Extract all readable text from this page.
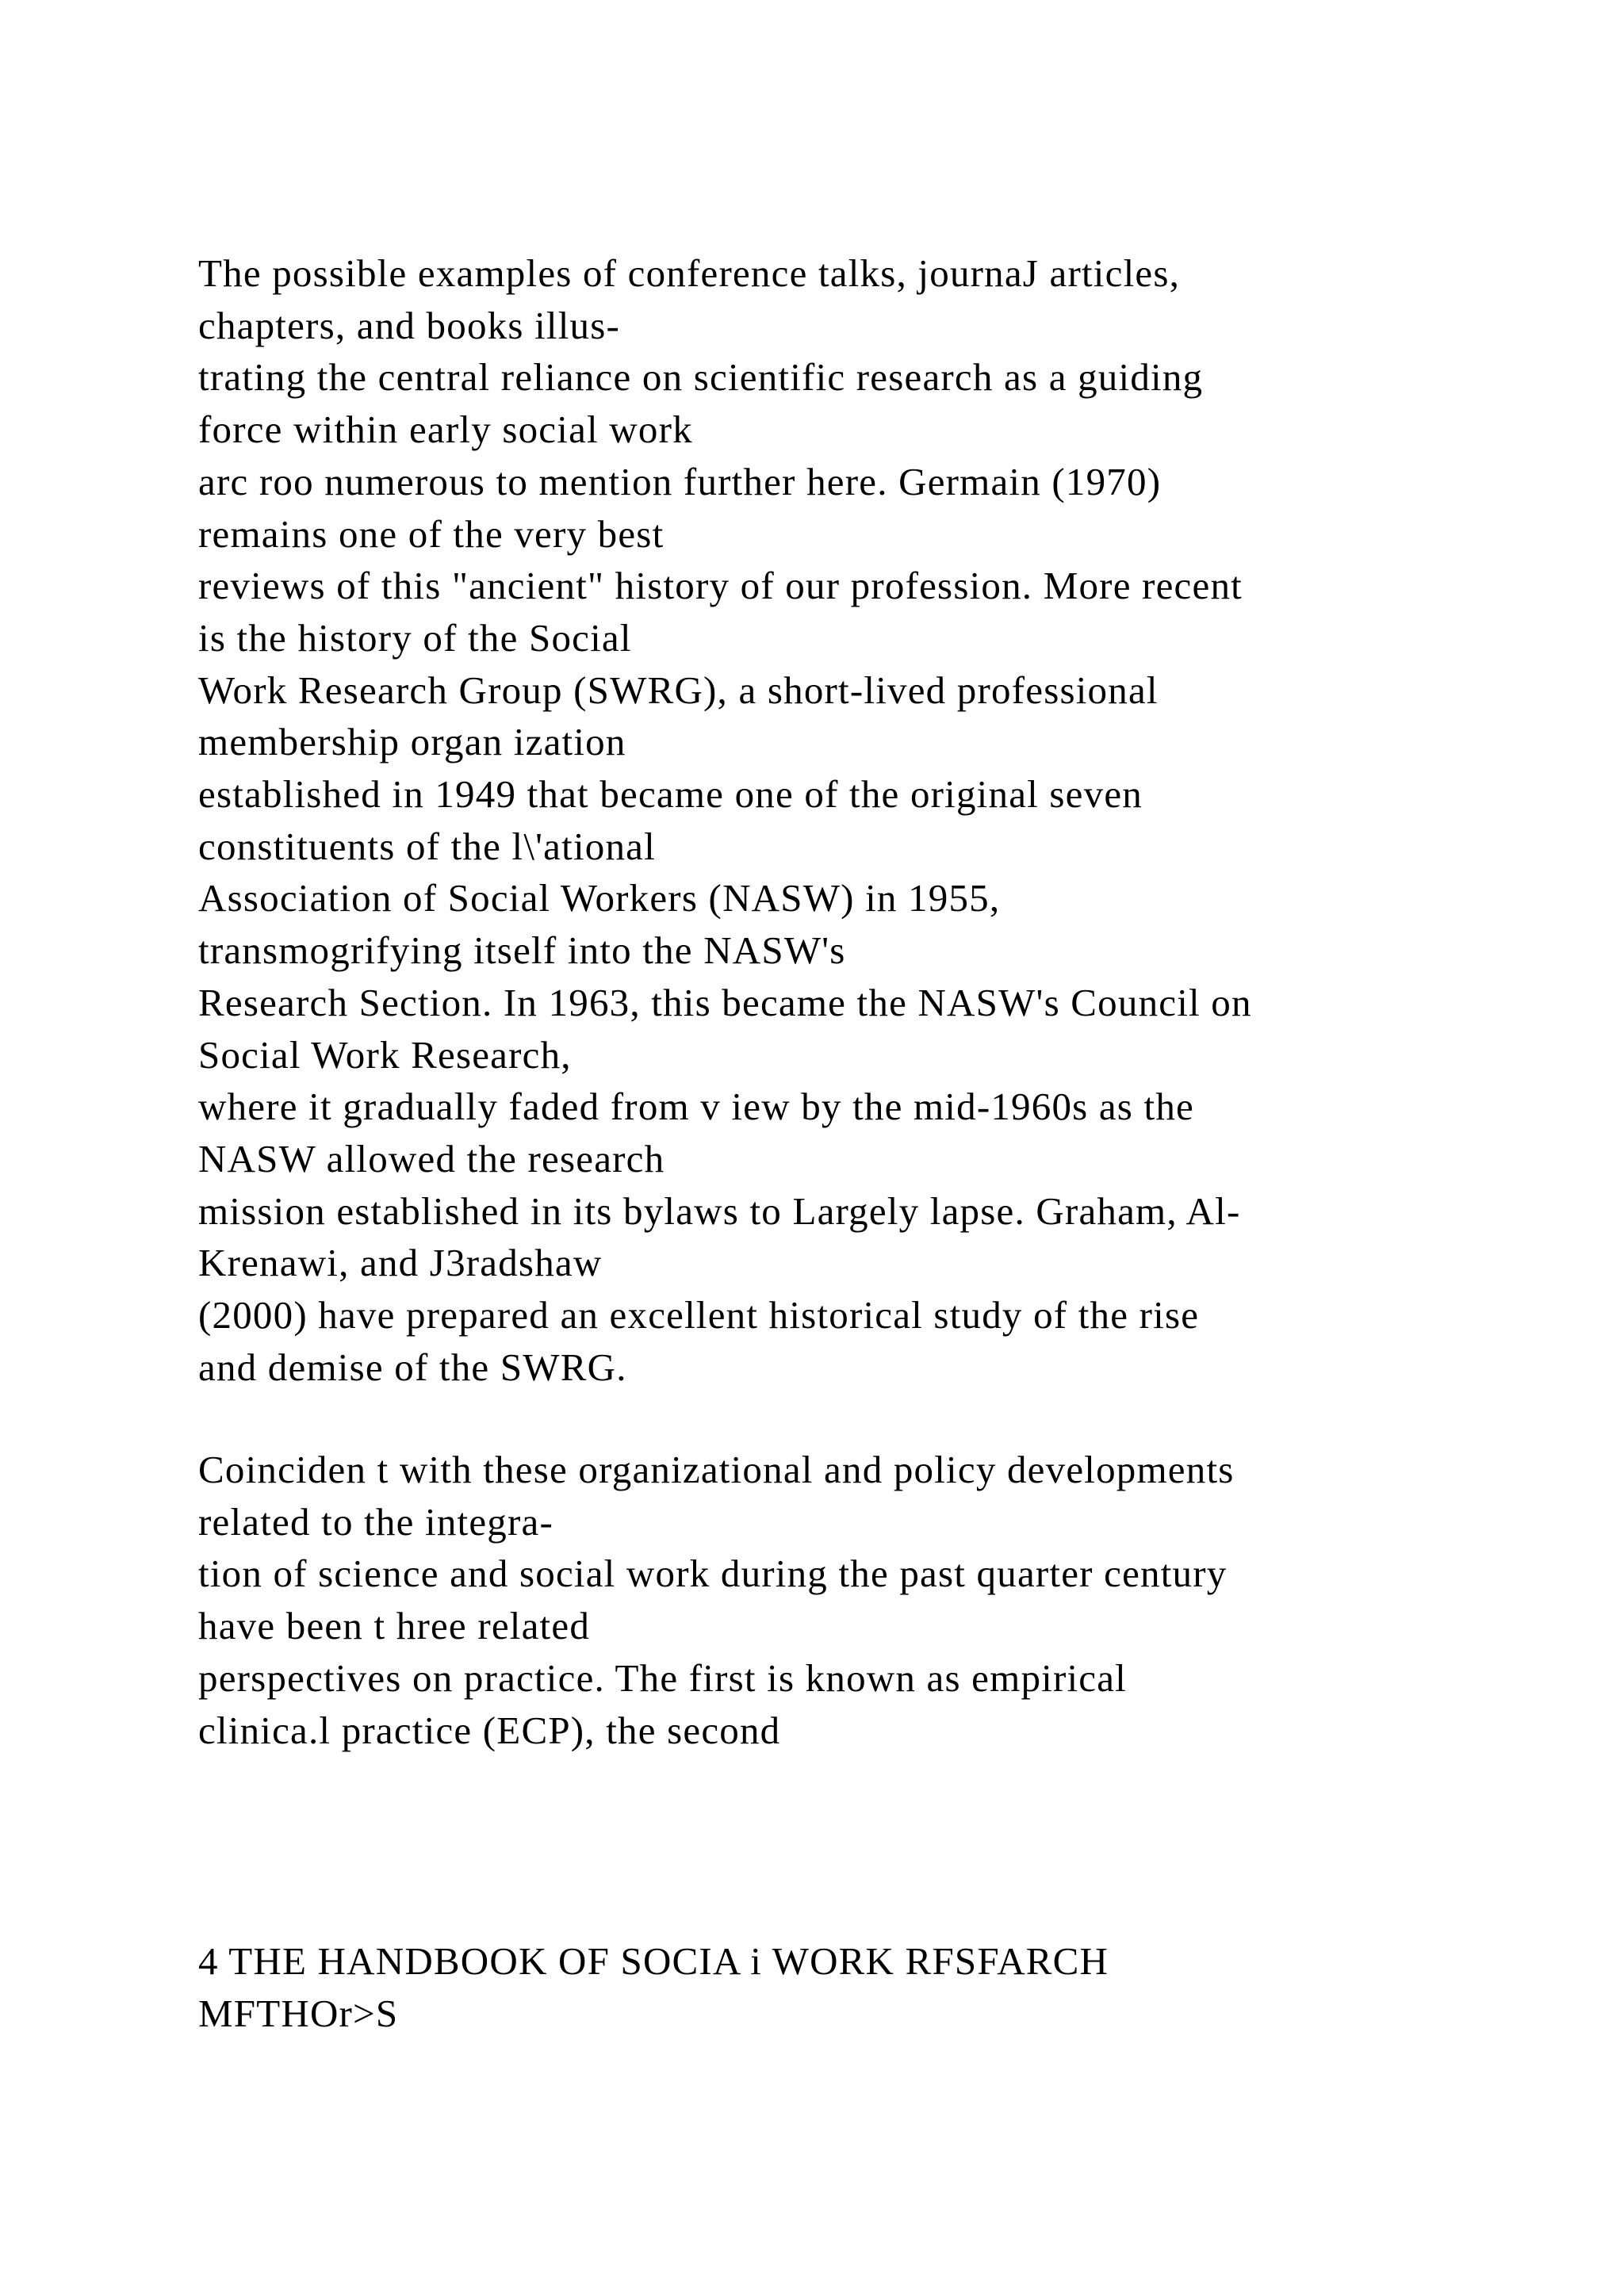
The possible examples of conference talks, journaJ articles,
chapters, and books illus-
trating the central reliance on scientific research as a guiding
force within early social work
arc roo numerous to mention further here. Germain (1970)
remains one of the very best
reviews of this "ancient" history of our profession. More recent
is the history of the Social
Work Research Group (SWRG), a short-lived professional
membership organ ization
established in 1949 that became one of the original seven
constituents of the l\'ational
Association of Social Workers (NASW) in 1955,
transmogrifying itself into the NASW's
Research Section. In 1963, this became the NASW's Council on
Social Work Research,
where it gradually faded from v iew by the mid-1960s as the
NASW allowed the research
mission established in its bylaws to Largely lapse. Graham, Al-
Krenawi, and J3radshaw
(2000) have prepared an excellent historical study of the rise
and demise of the SWRG.
Coinciden t with these organizational and policy developments
related to the integra-
tion of science and social work during the past quarter century
have been t hree related
perspectives on practice. The first is known as empirical
clinica.l practice (ECP), the second
4 THE HANDBOOK OF SOCIA i WORK RFSFARCH
MFTHOr>S
